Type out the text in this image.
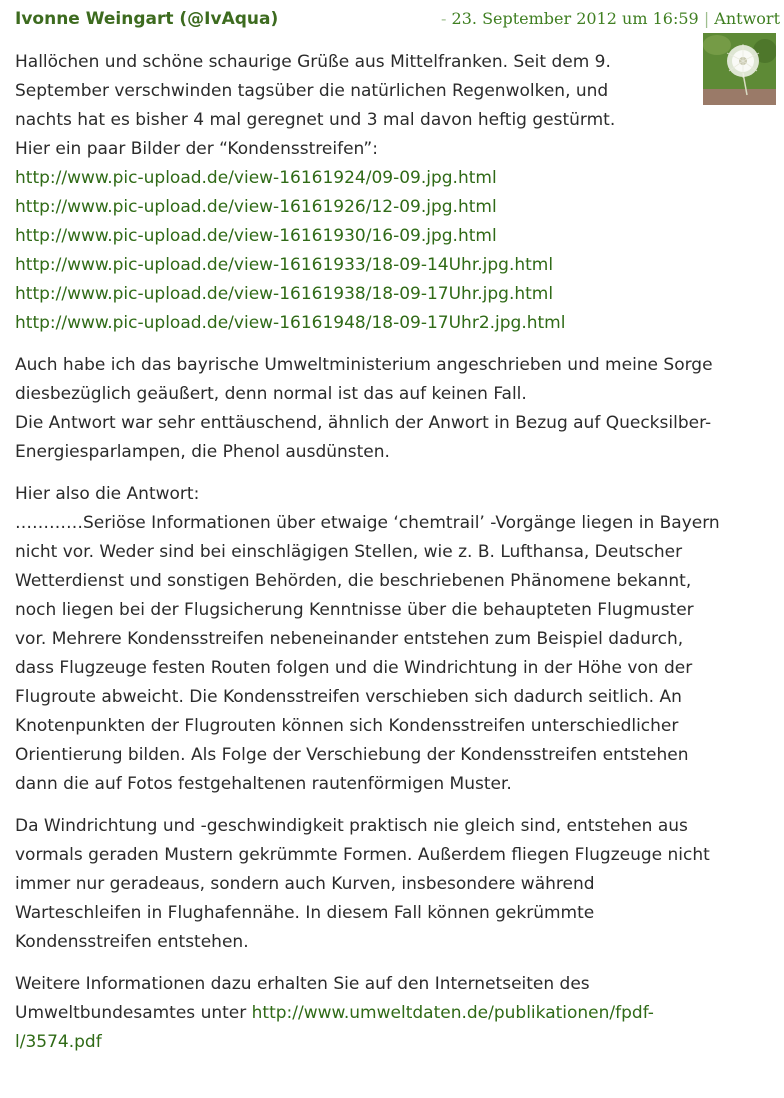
Ivonne Weingart (@IvAqua)	- 23. September 2012 um 16:59 | Antwort

Hallöchen und schöne schaurige Grüße aus Mittelfranken. Seit dem 9.
September verschwinden tagsüber die natürlichen Regenwolken, und
nachts hat es bisher 4 mal geregnet und 3 mal davon heftig gestürmt.
Hier ein paar Bilder der “Kondensstreifen”:
http://www.pic-upload.de/view-16161924/09-09.jpg.html
http://www.pic-upload.de/view-16161926/12-09.jpg.html
http://www.pic-upload.de/view-16161930/16-09.jpg.html
http://www.pic-upload.de/view-16161933/18-09-14Uhr.jpg.html
http://www.pic-upload.de/view-16161938/18-09-17Uhr.jpg.html
http://www.pic-upload.de/view-16161948/18-09-17Uhr2.jpg.html

Auch habe ich das bayrische Umweltministerium angeschrieben und meine Sorge
diesbezüglich geäußert, denn normal ist das auf keinen Fall.
Die Antwort war sehr enttäuschend, ähnlich der Anwort in Bezug auf Quecksilber-
Energiesparlampen, die Phenol ausdünsten.

Hier also die Antwort:
…………Seriöse Informationen über etwaige ‘chemtrail’ -Vorgänge liegen in Bayern
nicht vor. Weder sind bei einschlägigen Stellen, wie z. B. Lufthansa, Deutscher
Wetterdienst und sonstigen Behörden, die beschriebenen Phänomene bekannt,
noch liegen bei der Flugsicherung Kenntnisse über die behaupteten Flugmuster
vor. Mehrere Kondensstreifen nebeneinander entstehen zum Beispiel dadurch,
dass Flugzeuge festen Routen folgen und die Windrichtung in der Höhe von der
Flugroute abweicht. Die Kondensstreifen verschieben sich dadurch seitlich. An
Knotenpunkten der Flugrouten können sich Kondensstreifen unterschiedlicher
Orientierung bilden. Als Folge der Verschiebung der Kondensstreifen entstehen
dann die auf Fotos festgehaltenen rautenförmigen Muster.

Da Windrichtung und -geschwindigkeit praktisch nie gleich sind, entstehen aus
vormals geraden Mustern gekrümmte Formen. Außerdem fliegen Flugzeuge nicht
immer nur geradeaus, sondern auch Kurven, insbesondere während
Warteschleifen in Flughafennähe. In diesem Fall können gekrümmte
Kondensstreifen entstehen.

Weitere Informationen dazu erhalten Sie auf den Internetseiten des
Umweltbundesamtes unter http://www.umweltdaten.de/publikationen/fpdf-
l/3574.pdf
